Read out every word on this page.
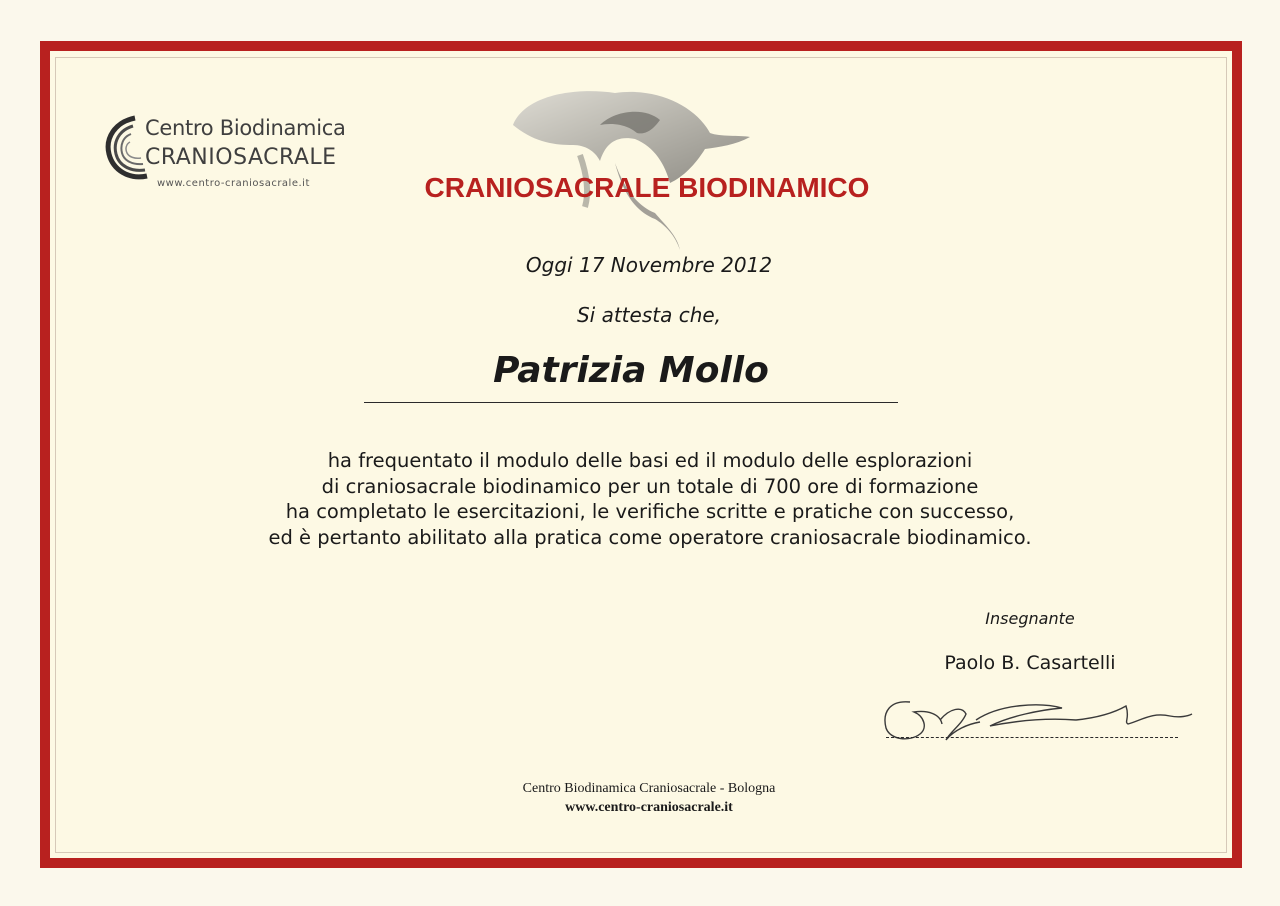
Centro Biodinamica
CRANIOSACRALE
www.centro-craniosacrale.it	CRANIOSACRALE BIODINAMICO
Oggi 17 Novembre 2012
Si attesta che,
Patrizia Mollo
ha frequentato il modulo delle basi ed il modulo delle esplorazioni
di craniosacrale biodinamico per un totale di 700 ore di formazione
ha completato le esercitazioni, le verifiche scritte e pratiche con successo,
ed è pertanto abilitato alla pratica come operatore craniosacrale biodinamico.
Insegnante
Paolo B. Casartelli
Centro Biodinamica Craniosacrale - Bologna
www.centro-craniosacrale.it
